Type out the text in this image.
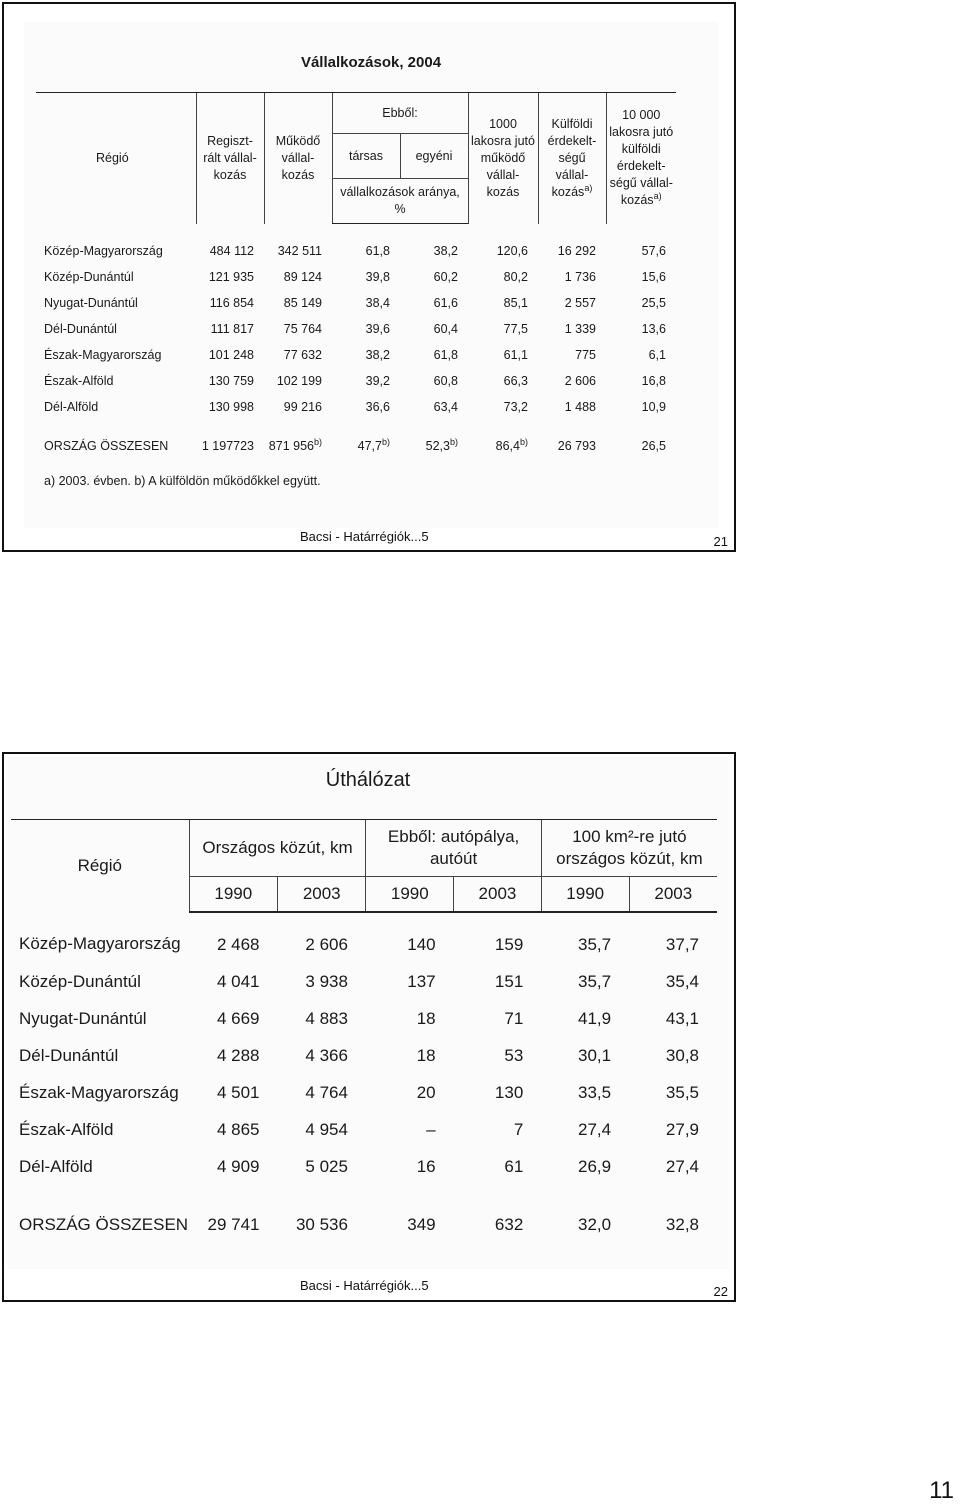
Vállalkozások, 2004
Régió	Regiszt-rált vállal-kozás	Működő vállal-kozás	Ebből:		1000 lakosra jutó működő vállal-kozás	Külföldi érdekelt-ségű vállal-kozás$^{a)}$	10 000 lakosra jutó külföldi érdekelt-ségű vállal-kozás$^{a)}$
			társas	egyéni			
			vállalkozások aránya, %				
Közép-Magyarország	484 112	342 511	61,8	38,2	120,6	16 292	57,6
Közép-Dunántúl	121 935	89 124	39,8	60,2	80,2	1 736	15,6
Nyugat-Dunántúl	116 854	85 149	38,4	61,6	85,1	2 557	25,5
Dél-Dunántúl	111 817	75 764	39,6	60,4	77,5	1 339	13,6
Észak-Magyarország	101 248	77 632	38,2	61,8	61,1	775	6,1
Észak-Alföld	130 759	102 199	39,2	60,8	66,3	2 606	16,8
Dél-Alföld	130 998	99 216	36,6	63,4	73,2	1 488	10,9
ORSZÁG ÖSSZESEN	1 197723	871 956$^{b)}$	47,7$^{b)}$	52,3$^{b)}$	86,4$^{b)}$	26 793	26,5
a) 2003. évben. b) A külföldön működőkkel együtt.							
Bacsi - Határrégiók...5	21
Úthálózat
Régió	Országos közút, km		Ebből: autópálya, autóút		100 km²-re jutó országos közút, km	
	1990	2003	1990	2003	1990	2003
Közép-Magyarország	2 468	2 606	140	159	35,7	37,7
Közép-Dunántúl	4 041	3 938	137	151	35,7	35,4
Nyugat-Dunántúl	4 669	4 883	18	71	41,9	43,1
Dél-Dunántúl	4 288	4 366	18	53	30,1	30,8
Észak-Magyarország	4 501	4 764	20	130	33,5	35,5
Észak-Alföld	4 865	4 954	–	7	27,4	27,9
Dél-Alföld	4 909	5 025	16	61	26,9	27,4
ORSZÁG ÖSSZESEN	29 741	30 536	349	632	32,0	32,8
Bacsi - Határrégiók...5	22
11
